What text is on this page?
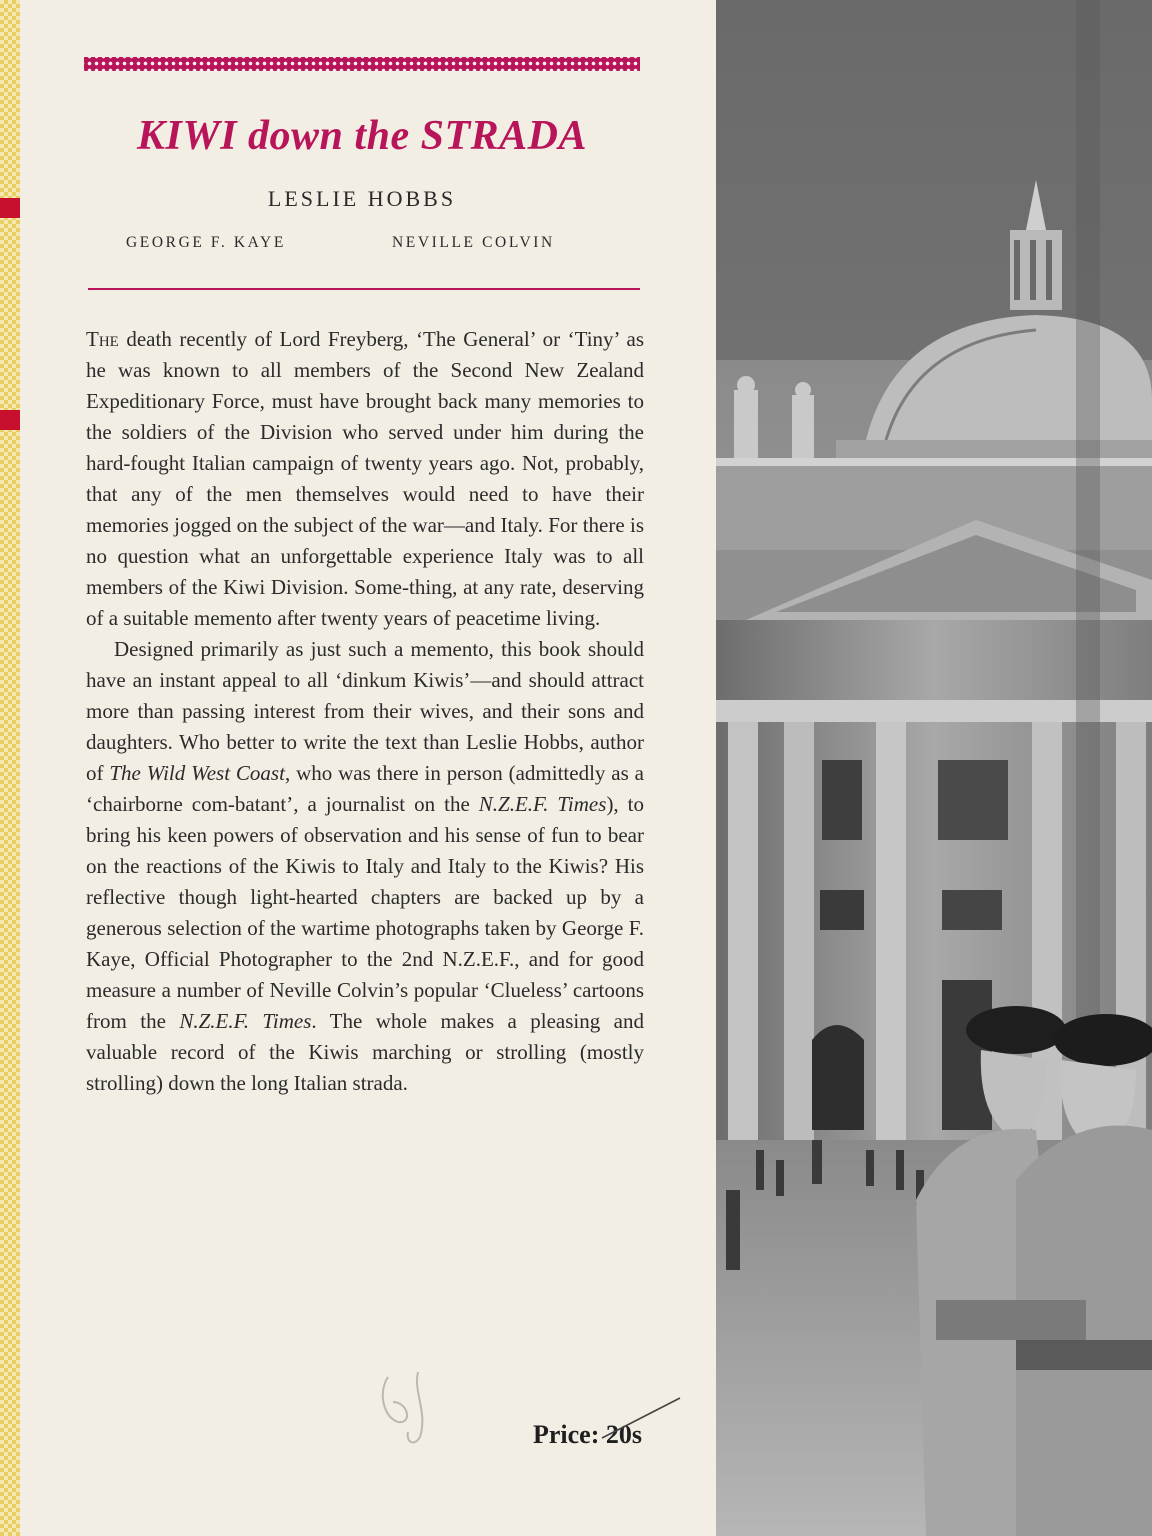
KIWI down the STRADA
LESLIE HOBBS
GEORGE F. KAYE	NEVILLE COLVIN

The death recently of Lord Freyberg, ‘The General’ or ‘Tiny’ as he was known to all members of the Second New Zealand Expeditionary Force, must have brought back many memories to the soldiers of the Division who served under him during the hard-fought Italian campaign of twenty years ago. Not, probably, that any of the men themselves would need to have their memories jogged on the subject of the war—and Italy. For there is no question what an unforgettable experience Italy was to all members of the Kiwi Division. Some-thing, at any rate, deserving of a suitable memento after twenty years of peacetime living.

Designed primarily as just such a memento, this book should have an instant appeal to all ‘dinkum Kiwis’—and should attract more than passing interest from their wives, and their sons and daughters. Who better to write the text than Leslie Hobbs, author of The Wild West Coast, who was there in person (admittedly as a ‘chairborne com-batant’, a journalist on the N.Z.E.F. Times), to bring his keen powers of observation and his sense of fun to bear on the reactions of the Kiwis to Italy and Italy to the Kiwis? His reflective though light-hearted chapters are backed up by a generous selection of the wartime photographs taken by George F. Kaye, Official Photographer to the 2nd N.Z.E.F., and for good measure a number of Neville Colvin’s popular ‘Clueless’ cartoons from the N.Z.E.F. Times. The whole makes a pleasing and valuable record of the Kiwis marching or strolling (mostly strolling) down the long Italian strada.

Price: 20s
